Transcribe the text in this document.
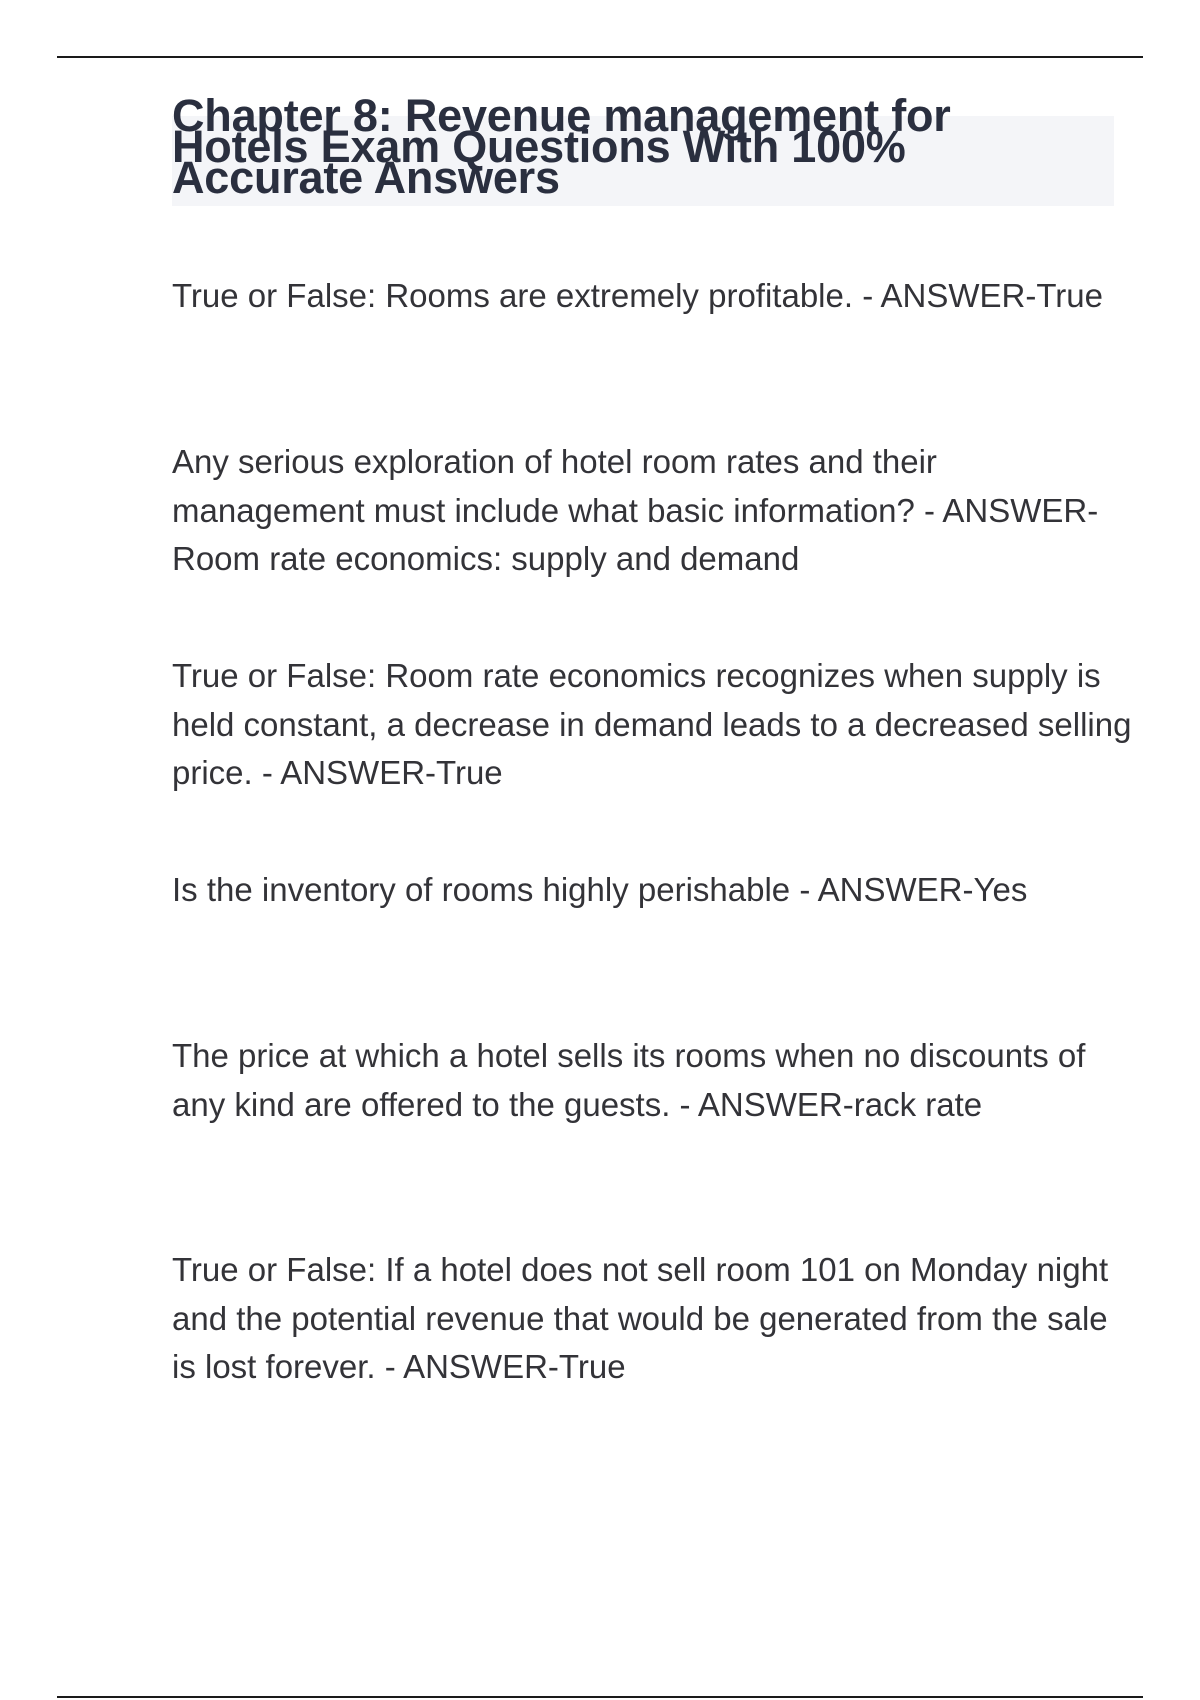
Chapter 8: Revenue management for Hotels Exam Questions With 100% Accurate Answers

True or False: Rooms are extremely profitable. - ANSWER-True

Any serious exploration of hotel room rates and their management must include what basic information? - ANSWER-Room rate economics: supply and demand

True or False: Room rate economics recognizes when supply is held constant, a decrease in demand leads to a decreased selling price. - ANSWER-True

Is the inventory of rooms highly perishable - ANSWER-Yes

The price at which a hotel sells its rooms when no discounts of any kind are offered to the guests. - ANSWER-rack rate

True or False: If a hotel does not sell room 101 on Monday night and the potential revenue that would be generated from the sale is lost forever. - ANSWER-True
